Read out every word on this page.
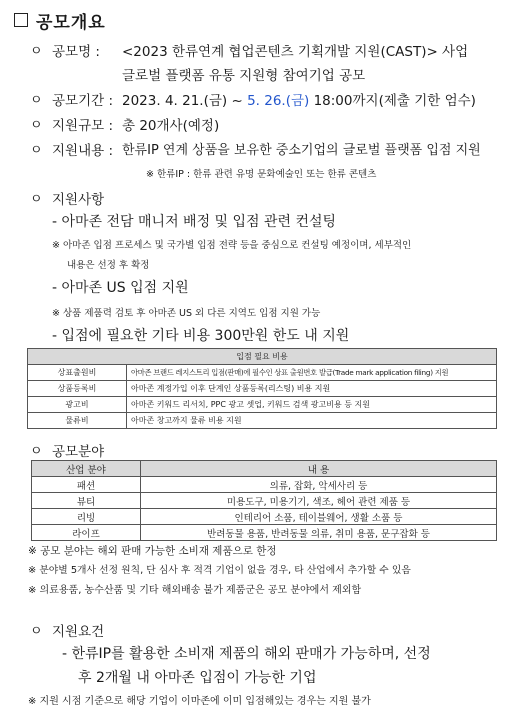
공모개요
ㅇ 공모명 : <2023 한류연계 협업콘텐츠 기획개발 지원(CAST)> 사업
글로벌 플랫폼 유통 지원형 참여기업 공모
ㅇ 공모기간 : 2023. 4. 21.(금) ~ 5. 26.(금) 18:00까지(제출 기한 엄수)
ㅇ 지원규모 : 총 20개사(예정)
ㅇ 지원내용 : 한류IP 연계 상품을 보유한 중소기업의 글로벌 플랫폼 입점 지원
※ 한류IP : 한류 관련 유명 문화예술인 또는 한류 콘텐츠
ㅇ 지원사항
- 아마존 전담 매니저 배정 및 입점 관련 컨설팅
※ 아마존 입점 프로세스 및 국가별 입점 전략 등을 중심으로 컨설팅 예정이며, 세부적인
내용은 선정 후 확정
- 아마존 US 입점 지원
※ 상품 제품력 검토 후 아마존 US 외 다른 지역도 입점 지원 가능
- 입점에 필요한 기타 비용 300만원 한도 내 지원
입점 필요 비용	
상표출원비	아마존 브랜드 레지스트리 입점(판매)에 필수인 상표 출원번호 발급(Trade mark application filing) 지원
상품등록비	아마존 계정가입 이후 단계인 상품등록(리스팅) 비용 지원
광고비	아마존 키워드 리서치, PPC 광고 셋업, 키워드 검색 광고비용 등 지원
물류비	아마존 창고까지 물류 비용 지원
ㅇ 공모분야
산업 분야	내 용
패션	의류, 잡화, 악세사리 등
뷰티	미용도구, 미용기기, 색조, 헤어 관련 제품 등
리빙	인테리어 소품, 테이블웨어, 생활 소품 등
라이프	반려동물 용품, 반려동물 의류, 취미 용품, 문구잡화 등
※ 공모 분야는 해외 판매 가능한 소비재 제품으로 한정
※ 분야별 5개사 선정 원칙, 단 심사 후 적격 기업이 없을 경우, 타 산업에서 추가할 수 있음
※ 의료용품, 농수산품 및 기타 해외배송 불가 제품군은 공모 분야에서 제외함
ㅇ 지원요건
- 한류IP를 활용한 소비재 제품의 해외 판매가 가능하며, 선정
후 2개월 내 아마존 입점이 가능한 기업
※ 지원 시점 기준으로 해당 기업이 이마존에 이미 입점해있는 경우는 지원 불가
